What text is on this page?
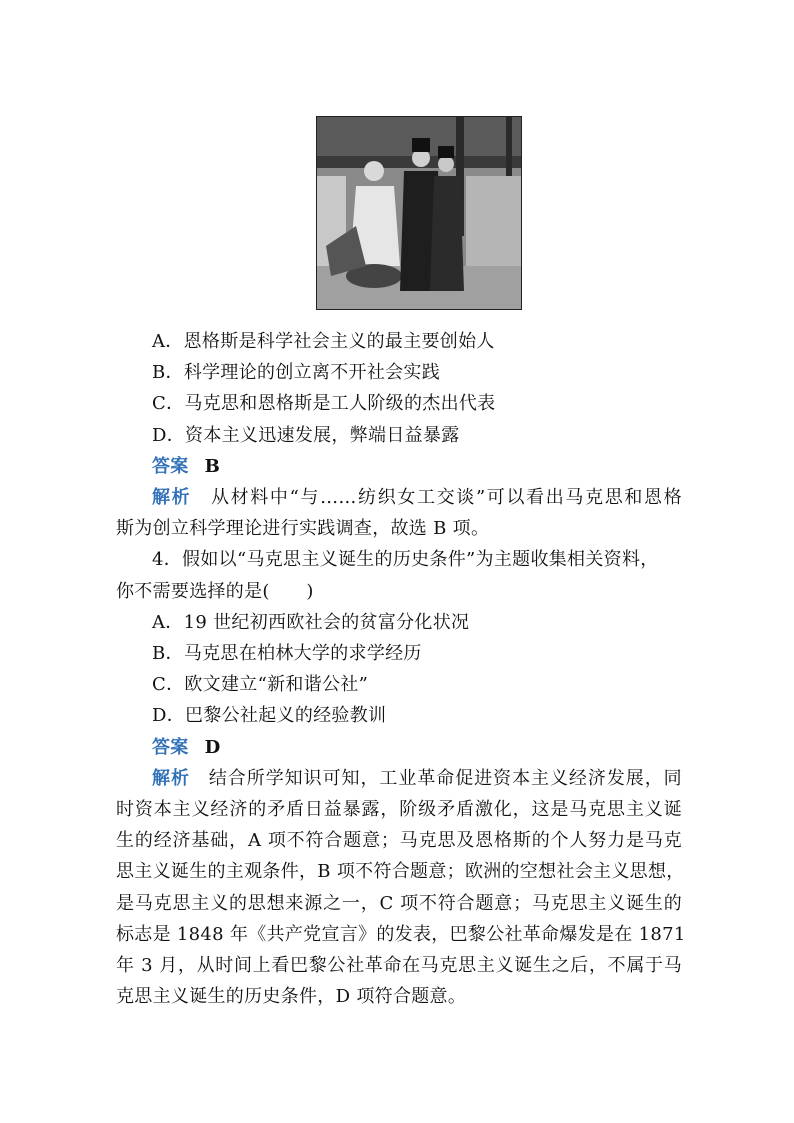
A．恩格斯是科学社会主义的最主要创始人
B．科学理论的创立离不开社会实践
C．马克思和恩格斯是工人阶级的杰出代表
D．资本主义迅速发展，弊端日益暴露
答案 B
解析　 从材料中“与……纺织女工交谈”可以看出马克思和恩格
斯为创立科学理论进行实践调查，故选 B 项。
4．假如以“马克思主义诞生的历史条件”为主题收集相关资料，
你不需要选择的是(　　)
A．19 世纪初西欧社会的贫富分化状况
B．马克思在柏林大学的求学经历
C．欧文建立“新和谐公社”
D．巴黎公社起义的经验教训
答案 D
解析　 结合所学知识可知，工业革命促进资本主义经济发展，同
时资本主义经济的矛盾日益暴露，阶级矛盾激化，这是马克思主义诞
生的经济基础，A 项不符合题意；马克思及恩格斯的个人努力是马克
思主义诞生的主观条件，B 项不符合题意；欧洲的空想社会主义思想，
是马克思主义的思想来源之一，C 项不符合题意；马克思主义诞生的
标志是 1848 年《共产党宣言》的发表，巴黎公社革命爆发是在 1871
年 3 月，从时间上看巴黎公社革命在马克思主义诞生之后，不属于马
克思主义诞生的历史条件，D 项符合题意。
